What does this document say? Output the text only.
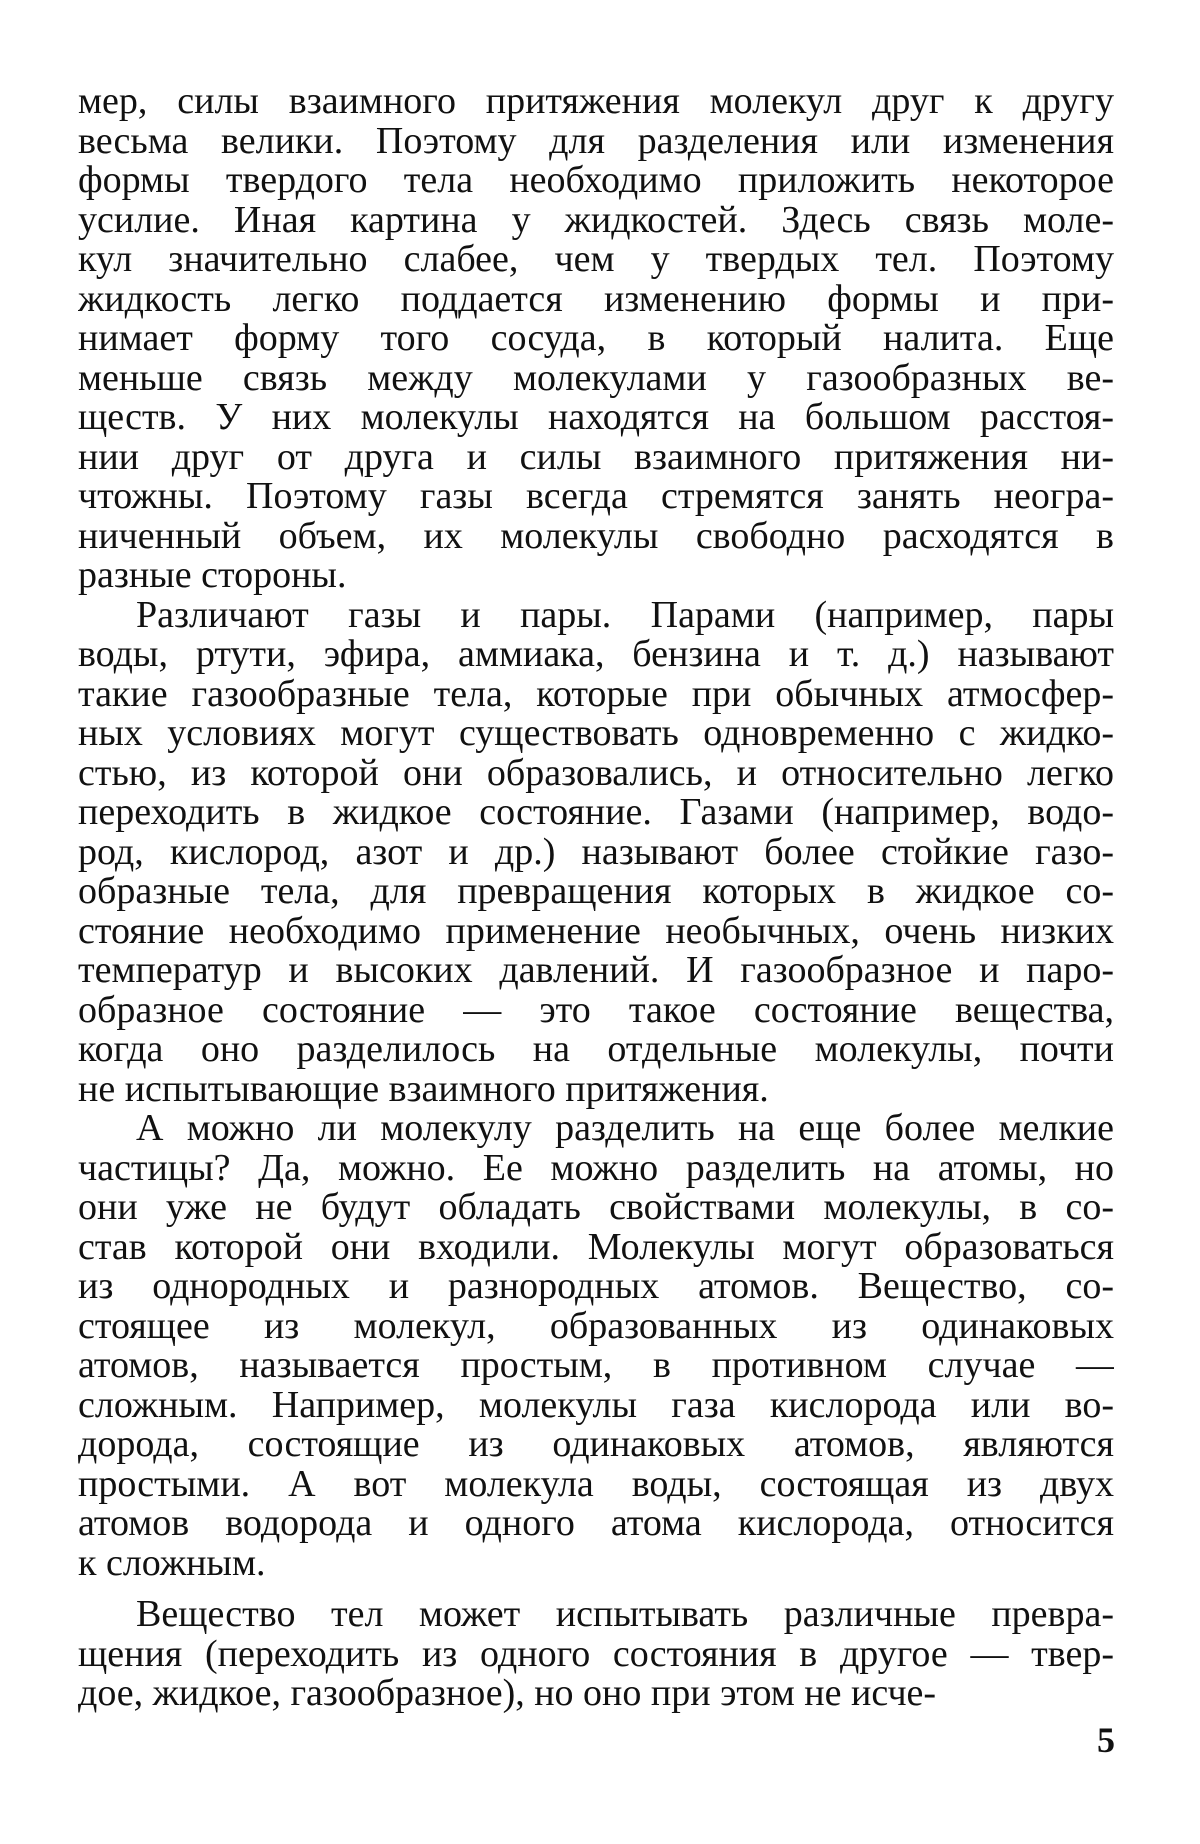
мер, силы взаимного притяжения молекул друг к другу
весьма велики. Поэтому для разделения или изменения
формы твердого тела необходимо приложить некоторое
усилие. Иная картина у жидкостей. Здесь связь моле-
кул значительно слабее, чем у твердых тел. Поэтому
жидкость легко поддается изменению формы и при-
нимает форму того сосуда, в который налита. Еще
меньше связь между молекулами у газообразных ве-
ществ. У них молекулы находятся на большом расстоя-
нии друг от друга и силы взаимного притяжения ни-
чтожны. Поэтому газы всегда стремятся занять неогра-
ниченный объем, их молекулы свободно расходятся в
разные стороны.
Различают газы и пары. Парами (например, пары
воды, ртути, эфира, аммиака, бензина и т. д.) называют
такие газообразные тела, которые при обычных атмосфер-
ных условиях могут существовать одновременно с жидко-
стью, из которой они образовались, и относительно легко
переходить в жидкое состояние. Газами (например, водо-
род, кислород, азот и др.) называют более стойкие газо-
образные тела, для превращения которых в жидкое со-
стояние необходимо применение необычных, очень низких
температур и высоких давлений. И газообразное и паро-
образное состояние — это такое состояние вещества,
когда оно разделилось на отдельные молекулы, почти
не испытывающие взаимного притяжения.
А можно ли молекулу разделить на еще более мелкие
частицы? Да, можно. Ее можно разделить на атомы, но
они уже не будут обладать свойствами молекулы, в со-
став которой они входили. Молекулы могут образоваться
из однородных и разнородных атомов. Вещество, со-
стоящее из молекул, образованных из одинаковых
атомов, называется простым, в противном случае —
сложным. Например, молекулы газа кислорода или во-
дорода, состоящие из одинаковых атомов, являются
простыми. А вот молекула воды, состоящая из двух
атомов водорода и одного атома кислорода, относится
к сложным.
Вещество тел может испытывать различные превра-
щения (переходить из одного состояния в другое — твер-
дое, жидкое, газообразное), но оно при этом не исче-
5
